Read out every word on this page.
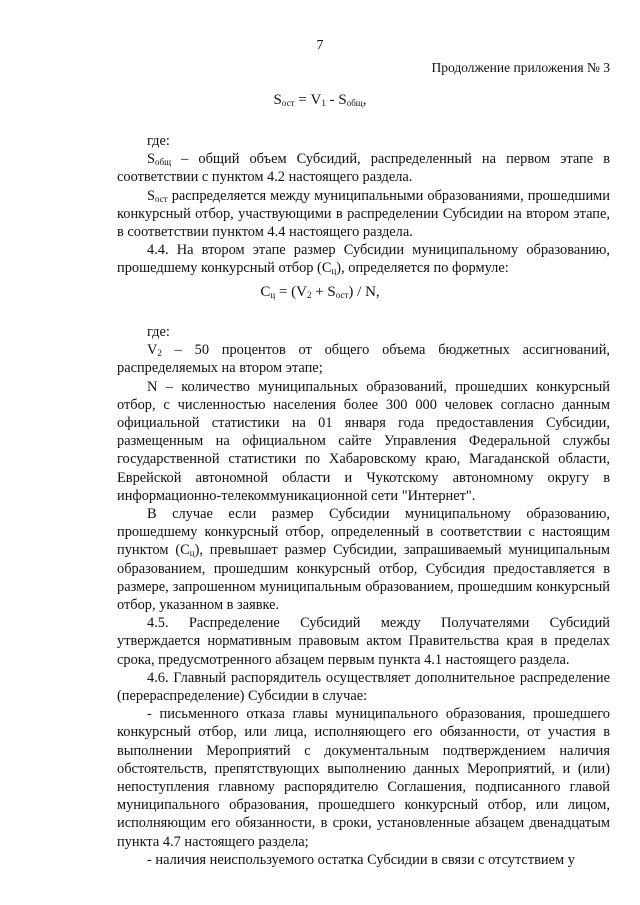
7
Продолжение приложения № 3
$S_{ост} = V_1 - S_{общ}$,

где:

$S_{общ}$ – общий объем Субсидий, распределенный на первом этапе в соответствии с пунктом 4.2 настоящего раздела.

$S_{ост}$ распределяется между муниципальными образованиями, прошедшими конкурсный отбор, участвующими в распределении Субсидии на втором этапе, в соответствии пунктом 4.4 настоящего раздела.

4.4. На втором этапе размер Субсидии муниципальному образованию, прошедшему конкурсный отбор $(С_ц)$, определяется по формуле:

$С_ц = (V_2 + S_{ост}) / N$,

где:

$V_2 - 50$ процентов от общего объема бюджетных ассигнований, распределяемых на втором этапе;

N – количество муниципальных образований, прошедших конкурсный отбор, с численностью населения более 300 000 человек согласно данным официальной статистики на 01 января года предоставления Субсидии, размещенным на официальном сайте Управления Федеральной службы государственной статистики по Хабаровскому краю, Магаданской области, Еврейской автономной области и Чукотскому автономному округу в информационно-телекоммуникационной сети "Интернет".

В случае если размер Субсидии муниципальному образованию, прошедшему конкурсный отбор, определенный в соответствии с настоящим пунктом $(С_ц)$, превышает размер Субсидии, запрашиваемый муниципальным образованием, прошедшим конкурсный отбор, Субсидия предоставляется в размере, запрошенном муниципальным образованием, прошедшим конкурсный отбор, указанном в заявке.

4.5. Распределение Субсидий между Получателями Субсидий утверждается нормативным правовым актом Правительства края в пределах срока, предусмотренного абзацем первым пункта 4.1 настоящего раздела.

4.6. Главный распорядитель осуществляет дополнительное распределение (перераспределение) Субсидии в случае:

- письменного отказа главы муниципального образования, прошедшего конкурсный отбор, или лица, исполняющего его обязанности, от участия в выполнении Мероприятий с документальным подтверждением наличия обстоятельств, препятствующих выполнению данных Мероприятий, и (или) непоступления главному распорядителю Соглашения, подписанного главой муниципального образования, прошедшего конкурсный отбор, или лицом, исполняющим его обязанности, в сроки, установленные абзацем двенадцатым пункта 4.7 настоящего раздела;

- наличия неиспользуемого остатка Субсидии в связи с отсутствием у
